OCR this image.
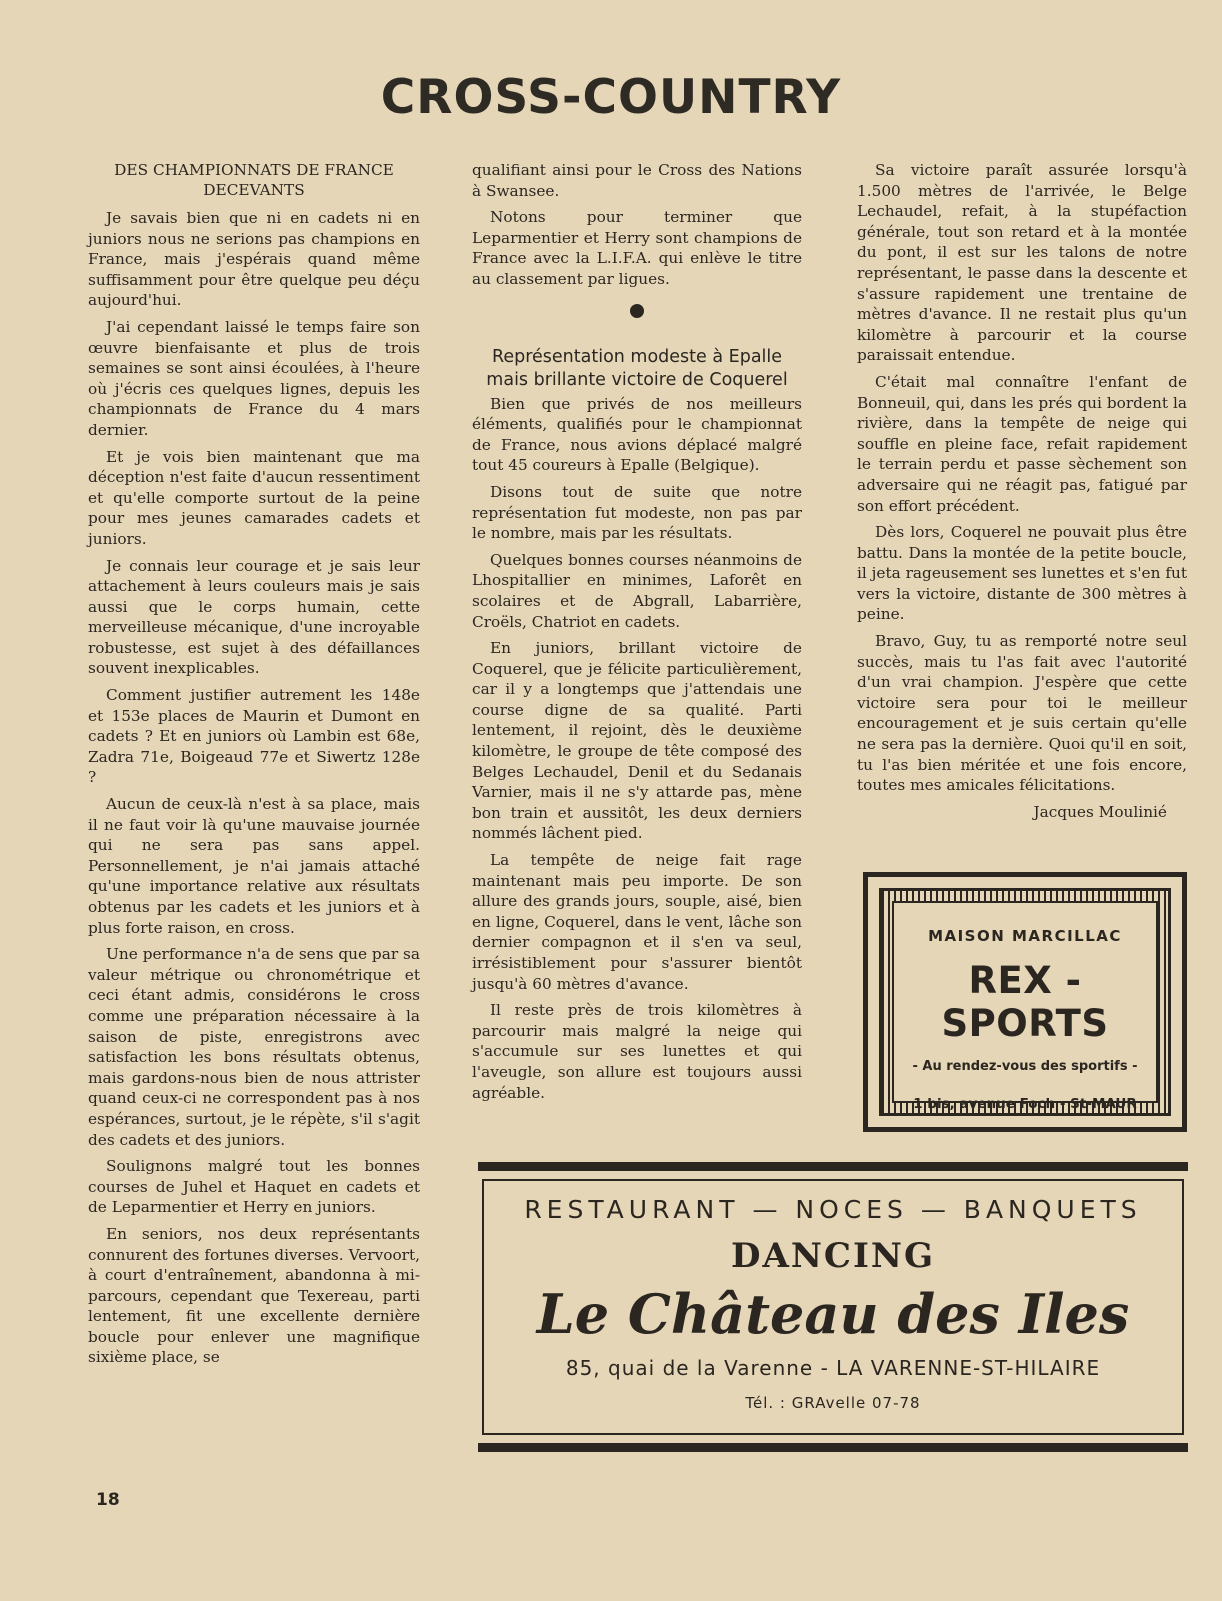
CROSS-COUNTRY
DES CHAMPIONNATS DE FRANCE DECEVANTS

Je savais bien que ni en cadets ni en juniors nous ne serions pas champions en France, mais j'espérais quand même suffisamment pour être quelque peu déçu aujourd'hui.

J'ai cependant laissé le temps faire son œuvre bienfaisante et plus de trois semaines se sont ainsi écoulées, à l'heure où j'écris ces quelques lignes, depuis les championnats de France du 4 mars dernier.

Et je vois bien maintenant que ma déception n'est faite d'aucun ressentiment et qu'elle comporte surtout de la peine pour mes jeunes camarades cadets et juniors.

Je connais leur courage et je sais leur attachement à leurs couleurs mais je sais aussi que le corps humain, cette merveilleuse mécanique, d'une incroyable robustesse, est sujet à des défaillances souvent inexplicables.

Comment justifier autrement les 148e et 153e places de Maurin et Dumont en cadets ? Et en juniors où Lambin est 68e, Zadra 71e, Boigeaud 77e et Siwertz 128e ?

Aucun de ceux-là n'est à sa place, mais il ne faut voir là qu'une mauvaise journée qui ne sera pas sans appel. Personnellement, je n'ai jamais attaché qu'une importance relative aux résultats obtenus par les cadets et les juniors et à plus forte raison, en cross.

Une performance n'a de sens que par sa valeur métrique ou chronométrique et ceci étant admis, considérons le cross comme une préparation nécessaire à la saison de piste, enregistrons avec satisfaction les bons résultats obtenus, mais gardons-nous bien de nous attrister quand ceux-ci ne correspondent pas à nos espérances, surtout, je le répète, s'il s'agit des cadets et des juniors.

Soulignons malgré tout les bonnes courses de Juhel et Haquet en cadets et de Leparmentier et Herry en juniors.

En seniors, nos deux représentants connurent des fortunes diverses. Vervoort, à court d'entraînement, abandonna à mi-parcours, cependant que Texereau, parti lentement, fit une excellente dernière boucle pour enlever une magnifique sixième place, se

qualifiant ainsi pour le Cross des Nations à Swansee.

Notons pour terminer que Leparmentier et Herry sont champions de France avec la L.I.F.A. qui enlève le titre au classement par ligues.

Représentation modeste à Epalle mais brillante victoire de Coquerel

Bien que privés de nos meilleurs éléments, qualifiés pour le championnat de France, nous avions déplacé malgré tout 45 coureurs à Epalle (Belgique).

Disons tout de suite que notre représentation fut modeste, non pas par le nombre, mais par les résultats.

Quelques bonnes courses néanmoins de Lhospitallier en minimes, Laforêt en scolaires et de Abgrall, Labarrière, Croëls, Chatriot en cadets.

En juniors, brillant victoire de Coquerel, que je félicite particulièrement, car il y a longtemps que j'attendais une course digne de sa qualité. Parti lentement, il rejoint, dès le deuxième kilomètre, le groupe de tête composé des Belges Lechaudel, Denil et du Sedanais Varnier, mais il ne s'y attarde pas, mène bon train et aussitôt, les deux derniers nommés lâchent pied.

La tempête de neige fait rage maintenant mais peu importe. De son allure des grands jours, souple, aisé, bien en ligne, Coquerel, dans le vent, lâche son dernier compagnon et il s'en va seul, irrésistiblement pour s'assurer bientôt jusqu'à 60 mètres d'avance.

Il reste près de trois kilomètres à parcourir mais malgré la neige qui s'accumule sur ses lunettes et qui l'aveugle, son allure est toujours aussi agréable.

Sa victoire paraît assurée lorsqu'à 1.500 mètres de l'arrivée, le Belge Lechaudel, refait, à la stupéfaction générale, tout son retard et à la montée du pont, il est sur les talons de notre représentant, le passe dans la descente et s'assure rapidement une trentaine de mètres d'avance. Il ne restait plus qu'un kilomètre à parcourir et la course paraissait entendue.

C'était mal connaître l'enfant de Bonneuil, qui, dans les prés qui bordent la rivière, dans la tempête de neige qui souffle en pleine face, refait rapidement le terrain perdu et passe sèchement son adversaire qui ne réagit pas, fatigué par son effort précédent.

Dès lors, Coquerel ne pouvait plus être battu. Dans la montée de la petite boucle, il jeta rageusement ses lunettes et s'en fut vers la victoire, distante de 300 mètres à peine.

Bravo, Guy, tu as remporté notre seul succès, mais tu l'as fait avec l'autorité d'un vrai champion. J'espère que cette victoire sera pour toi le meilleur encouragement et je suis certain qu'elle ne sera pas la dernière. Quoi qu'il en soit, tu l'as bien méritée et une fois encore, toutes mes amicales félicitations.

Jacques Moulinié
MAISON MARCILLAC
REX - SPORTS
- Au rendez-vous des sportifs -
1 bis, avenue Foch - St-MAUR
RESTAURANT — NOCES — BANQUETS
DANCING
Le Château des Iles
85, quai de la Varenne - LA VARENNE-ST-HILAIRE
Tél. : GRAvelle 07-78
18
